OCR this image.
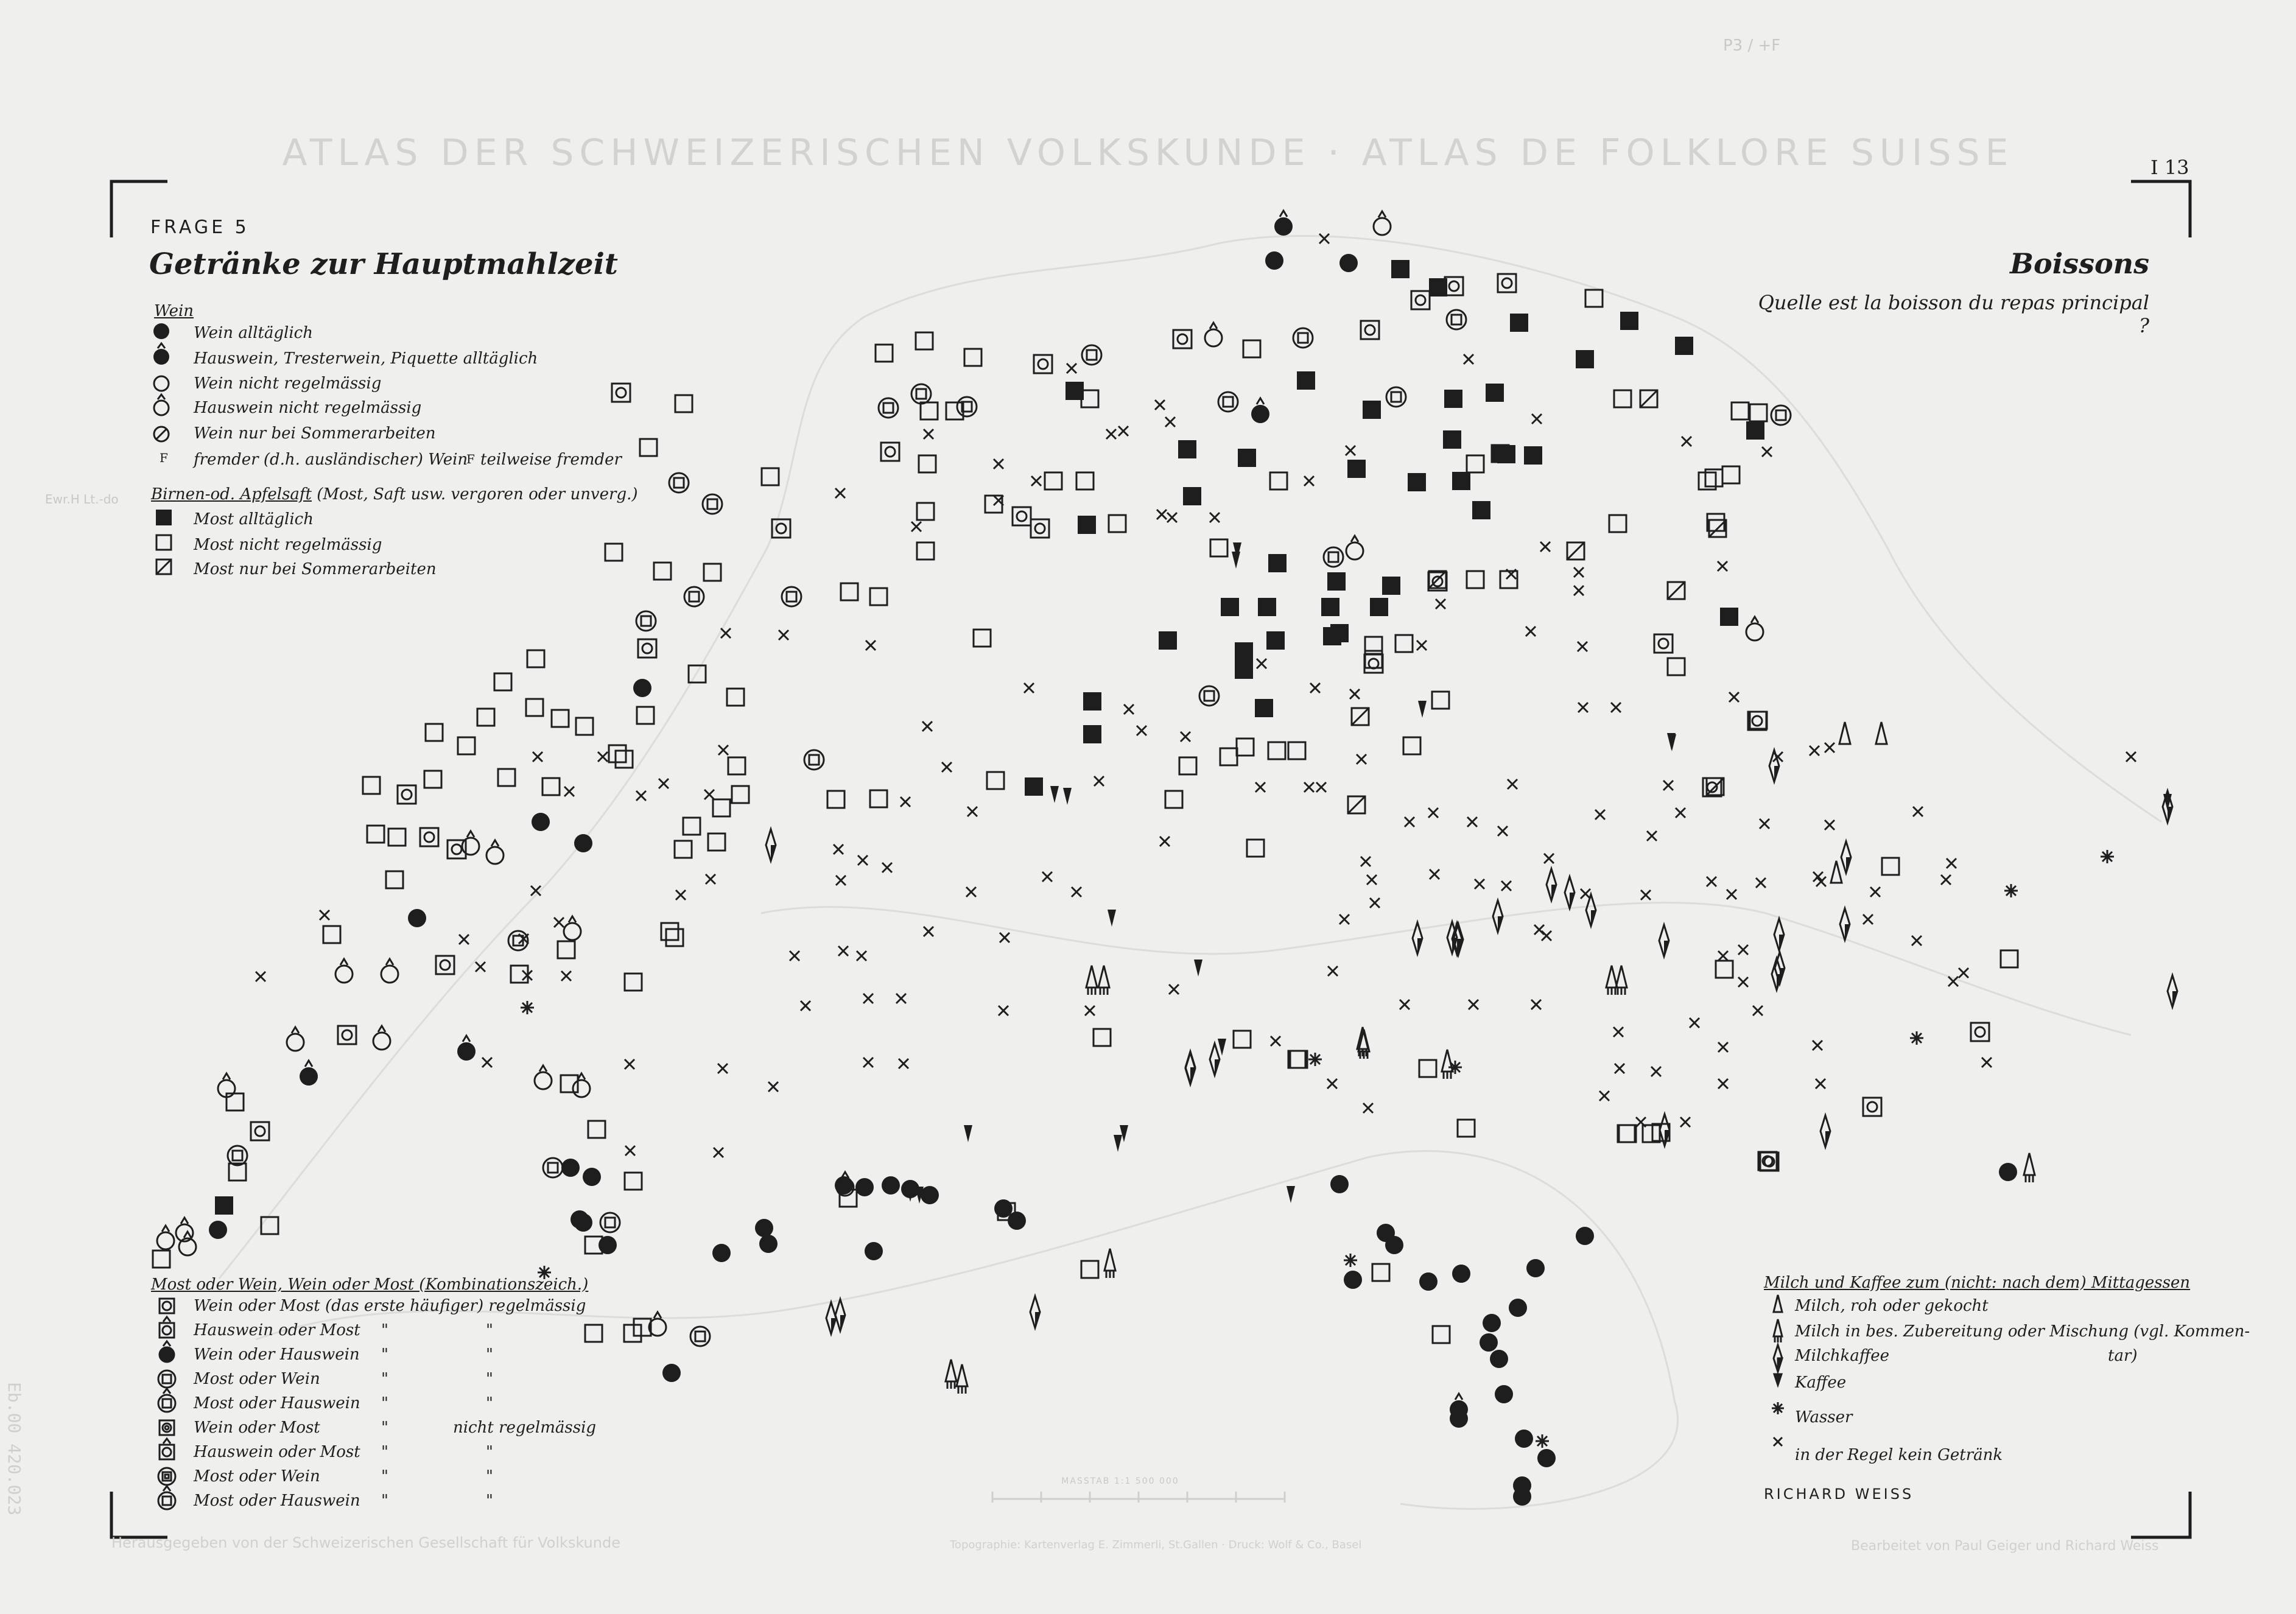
ATLAS DER SCHWEIZERISCHEN VOLKSKUNDE · ATLAS DE FOLKLORE SUISSE	I 13
P3 / +F
Ewr.H Lt.-do
Eb.00 420.023
FRAGE 5
Getränke zur Hauptmahlzeit	Boissons
Quelle est la boisson du repas principal ?
Wein
Wein alltäglich
Hauswein, Tresterwein, Piquette alltäglich
Wein nicht regelmässig
Hauswein nicht regelmässig
Wein nur bei Sommerarbeiten
F fremder (d.h. ausländischer) Wein
F teilweise fremder
Birnen-od. Apfelsaft (Most, Saft usw. vergoren oder unverg.)
Most alltäglich
Most nicht regelmässig
Most nur bei Sommerarbeiten
Most oder Wein, Wein oder Most (Kombinationszeich.)
Wein oder Most (das erste häufiger) regelmässig
Hauswein oder Most "	"
Wein oder Hauswein "	"
Most oder Wein	"	"
Most oder Hauswein "	"
Wein oder Most	"	nicht regelmässig
Hauswein oder Most "	"
Most oder Wein	"	"
Most oder Hauswein "	"
Milch und Kaffee zum (nicht: nach dem) Mittagessen
Milch, roh oder gekocht
Milch in bes. Zubereitung oder Mischung (vgl. Kommen-
Milchkaffee	tar)
Kaffee
Wasser
in der Regel kein Getränk
RICHARD WEISS
MASSTAB 1:1 500 000
Herausgegeben von der Schweizerischen Gesellschaft für Volkskunde	Topographie: Kartenverlag E. Zimmerli, St.Gallen · Druck: Wolf & Co., Basel	Bearbeitet von Paul Geiger und Richard Weiss
